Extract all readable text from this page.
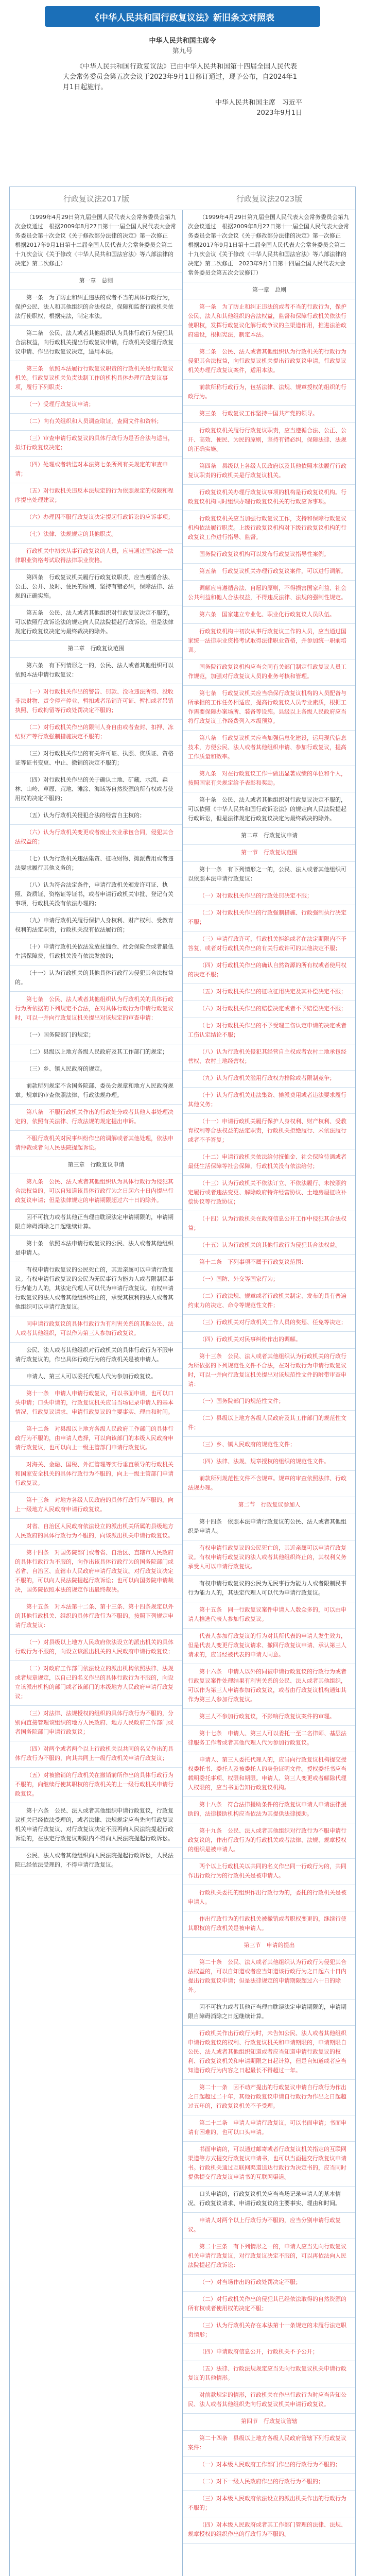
《中华人民共和国行政复议法》新旧条文对照表

中华人民共和国主席令

第九号

《中华人民共和国行政复议法》已由中华人民共和国第十四届全国人民代表大会常务委员会第五次会议于2023年9月1日修订通过，现予公布，自2024年1月1日起施行。

中华人民共和国主席　习近平

2023年9月1日

行政复议法2017版	行政复议法2023版
（1999年4月29日第九届全国人民代表大会常务委员会第九次会议通过　根据2009年8月27日第十一届全国人民代表大会常务委员会第十次会议《关于修改部分法律的决定》第一次修正　根据2017年9月1日第十二届全国人民代表大会常务委员会第二十九次会议《关于修改〈中华人民共和国法官法〉等八部法律的决定》第二次修正）
第一章　总则
第一条　为了防止和纠正违法的或者不当的具体行政行为，保护公民、法人和其他组织的合法权益，保障和监督行政机关依法行使职权，根据宪法，制定本法。
第二条　公民、法人或者其他组织认为具体行政行为侵犯其合法权益，向行政机关提出行政复议申请，行政机关受理行政复议申请、作出行政复议决定，适用本法。
第三条　依照本法履行行政复议职责的行政机关是行政复议机关。行政复议机关负责法制工作的机构具体办理行政复议事项，履行下列职责：
（一）受理行政复议申请；
（二）向有关组织和人员调查取证，查阅文件和资料；
（三）审查申请行政复议的具体行政行为是否合法与适当，拟订行政复议决定；
（四）处理或者转送对本法第七条所列有关规定的审查申请；
（五）对行政机关违反本法规定的行为依照规定的权限和程序提出处理建议；
（六）办理因不服行政复议决定提起行政诉讼的应诉事项；
（七）法律、法规规定的其他职责。
行政机关中初次从事行政复议的人员，应当通过国家统一法律职业资格考试取得法律职业资格。
第四条　行政复议机关履行行政复议职责，应当遵循合法、公正、公开、及时、便民的原则，坚持有错必纠，保障法律、法规的正确实施。
第五条　公民、法人或者其他组织对行政复议决定不服的，可以依照行政诉讼法的规定向人民法院提起行政诉讼，但是法律规定行政复议决定为最终裁决的除外。
第二章　行政复议范围
第六条　有下列情形之一的，公民、法人或者其他组织可以依照本法申请行政复议：
（一）对行政机关作出的警告、罚款、没收违法所得、没收非法财物、责令停产停业、暂扣或者吊销许可证、暂扣或者吊销执照、行政拘留等行政处罚决定不服的；
（二）对行政机关作出的限制人身自由或者查封、扣押、冻结财产等行政强制措施决定不服的；
（三）对行政机关作出的有关许可证、执照、资质证、资格证等证书变更、中止、撤销的决定不服的；
（四）对行政机关作出的关于确认土地、矿藏、水流、森林、山岭、草原、荒地、滩涂、海域等自然资源的所有权或者使用权的决定不服的；
（五）认为行政机关侵犯合法的经营自主权的；
（六）认为行政机关变更或者废止农业承包合同，侵犯其合法权益的；
（七）认为行政机关违法集资、征收财物、摊派费用或者违法要求履行其他义务的；
（八）认为符合法定条件，申请行政机关颁发许可证、执照、资质证、资格证等证书，或者申请行政机关审批、登记有关事项，行政机关没有依法办理的；
（九）申请行政机关履行保护人身权利、财产权利、受教育权利的法定职责，行政机关没有依法履行的；
（十）申请行政机关依法发放抚恤金、社会保险金或者最低生活保障费，行政机关没有依法发放的；
（十一）认为行政机关的其他具体行政行为侵犯其合法权益的。
第七条　公民、法人或者其他组织认为行政机关的具体行政行为所依据的下列规定不合法，在对具体行政行为申请行政复议时，可以一并向行政复议机关提出对该规定的审查申请：
（一）国务院部门的规定；
（二）县级以上地方各级人民政府及其工作部门的规定；
（三）乡、镇人民政府的规定。
前款所列规定不含国务院部、委员会规章和地方人民政府规章。规章的审查依照法律、行政法规办理。
第八条　不服行政机关作出的行政处分或者其他人事处理决定的，依照有关法律、行政法规的规定提出申诉。
不服行政机关对民事纠纷作出的调解或者其他处理，依法申请仲裁或者向人民法院提起诉讼。
第三章　行政复议申请
第九条　公民、法人或者其他组织认为具体行政行为侵犯其合法权益的，可以自知道该具体行政行为之日起六十日内提出行政复议申请；但是法律规定的申请期限超过六十日的除外。
因不可抗力或者其他正当理由耽误法定申请期限的，申请期限自障碍消除之日起继续计算。
第十条　依照本法申请行政复议的公民、法人或者其他组织是申请人。
有权申请行政复议的公民死亡的，其近亲属可以申请行政复议。有权申请行政复议的公民为无民事行为能力人或者限制民事行为能力人的，其法定代理人可以代为申请行政复议。有权申请行政复议的法人或者其他组织终止的，承受其权利的法人或者其他组织可以申请行政复议。
同申请行政复议的具体行政行为有利害关系的其他公民、法人或者其他组织，可以作为第三人参加行政复议。
公民、法人或者其他组织对行政机关的具体行政行为不服申请行政复议的，作出具体行政行为的行政机关是被申请人。
申请人、第三人可以委托代理人代为参加行政复议。
第十一条　申请人申请行政复议，可以书面申请，也可以口头申请；口头申请的，行政复议机关应当当场记录申请人的基本情况、行政复议请求、申请行政复议的主要事实、理由和时间。
第十二条　对县级以上地方各级人民政府工作部门的具体行政行为不服的，由申请人选择，可以向该部门的本级人民政府申请行政复议，也可以向上一级主管部门申请行政复议。
对海关、金融、国税、外汇管理等实行垂直领导的行政机关和国家安全机关的具体行政行为不服的，向上一级主管部门申请行政复议。
第十三条　对地方各级人民政府的具体行政行为不服的，向上一级地方人民政府申请行政复议。
对省、自治区人民政府依法设立的派出机关所属的县级地方人民政府的具体行政行为不服的，向该派出机关申请行政复议。
第十四条　对国务院部门或者省、自治区、直辖市人民政府的具体行政行为不服的，向作出该具体行政行为的国务院部门或者省、自治区、直辖市人民政府申请行政复议。对行政复议决定不服的，可以向人民法院提起行政诉讼；也可以向国务院申请裁决，国务院依照本法的规定作出最终裁决。
第十五条　对本法第十二条、第十三条、第十四条规定以外的其他行政机关、组织的具体行政行为不服的，按照下列规定申请行政复议：
（一）对县级以上地方人民政府依法设立的派出机关的具体行政行为不服的，向设立该派出机关的人民政府申请行政复议；
（二）对政府工作部门依法设立的派出机构依照法律、法规或者规章规定，以自己的名义作出的具体行政行为不服的，向设立该派出机构的部门或者该部门的本级地方人民政府申请行政复议；
（三）对法律、法规授权的组织的具体行政行为不服的，分别向直接管理该组织的地方人民政府、地方人民政府工作部门或者国务院部门申请行政复议；
（四）对两个或者两个以上行政机关以共同的名义作出的具体行政行为不服的，向其共同上一级行政机关申请行政复议；
（五）对被撤销的行政机关在撤销前所作出的具体行政行为不服的，向继续行使其职权的行政机关的上一级行政机关申请行政复议。
第十六条　公民、法人或者其他组织申请行政复议，行政复议机关已经依法受理的，或者法律、法规规定应当先向行政复议机关申请行政复议、对行政复议决定不服再向人民法院提起行政诉讼的，在法定行政复议期限内不得向人民法院提起行政诉讼。
公民、法人或者其他组织向人民法院提起行政诉讼，人民法院已经依法受理的，不得申请行政复议。
（1999年4月29日第九届全国人民代表大会常务委员会第九次会议通过　根据2009年8月27日第十一届全国人民代表大会常务委员会第十次会议《关于修改部分法律的决定》第一次修正　根据2017年9月1日第十二届全国人民代表大会常务委员会第二十九次会议《关于修改〈中华人民共和国法官法〉等八部法律的决定》第二次修正　2023年9月1日第十四届全国人民代表大会常务委员会第五次会议修订）
第一章　总则
第一条　为了防止和纠正违法的或者不当的行政行为，保护公民、法人和其他组织的合法权益，监督和保障行政机关依法行使职权，发挥行政复议化解行政争议的主渠道作用，推进法治政府建设，根据宪法，制定本法。
第二条　公民、法人或者其他组织认为行政机关的行政行为侵犯其合法权益，向行政复议机关提出行政复议申请，行政复议机关办理行政复议案件，适用本法。
前款所称行政行为，包括法律、法规、规章授权的组织的行政行为。
第三条　行政复议工作坚持中国共产党的领导。
行政复议机关履行行政复议职责，应当遵循合法、公正、公开、高效、便民、为民的原则，坚持有错必纠，保障法律、法规的正确实施。
第四条　县级以上各级人民政府以及其他依照本法履行行政复议职责的行政机关是行政复议机关。
行政复议机关办理行政复议事项的机构是行政复议机构。行政复议机构同时组织办理行政复议机关的行政应诉事项。
行政复议机关应当加强行政复议工作，支持和保障行政复议机构依法履行职责。上级行政复议机构对下级行政复议机构的行政复议工作进行指导、监督。
国务院行政复议机构可以发布行政复议指导性案例。
第五条　行政复议机关办理行政复议案件，可以进行调解。
调解应当遵循合法、自愿的原则，不得损害国家利益、社会公共利益和他人合法权益，不得违反法律、法规的强制性规定。
第六条　国家建立专业化、职业化行政复议人员队伍。
行政复议机构中初次从事行政复议工作的人员，应当通过国家统一法律职业资格考试取得法律职业资格，并参加统一职前培训。
国务院行政复议机构应当会同有关部门制定行政复议人员工作规范，加强对行政复议人员的业务考核和管理。
第七条　行政复议机关应当确保行政复议机构的人员配备与所承担的工作任务相适应，提高行政复议人员专业素质，根据工作需要保障办案场所、装备等设施。县级以上各级人民政府应当将行政复议工作经费列入本级预算。
第八条　行政复议机关应当加强信息化建设，运用现代信息技术，方便公民、法人或者其他组织申请、参加行政复议，提高工作质量和效率。
第九条　对在行政复议工作中做出显著成绩的单位和个人，按照国家有关规定给予表彰和奖励。
第十条　公民、法人或者其他组织对行政复议决定不服的，可以依照《中华人民共和国行政诉讼法》的规定向人民法院提起行政诉讼，但是法律规定行政复议决定为最终裁决的除外。
第二章　行政复议申请
第一节　行政复议范围
第十一条　有下列情形之一的，公民、法人或者其他组织可以依照本法申请行政复议：
（一）对行政机关作出的行政处罚决定不服；
（二）对行政机关作出的行政强制措施、行政强制执行决定不服；
（三）申请行政许可，行政机关拒绝或者在法定期限内不予答复，或者对行政机关作出的有关行政许可的其他决定不服；
（四）对行政机关作出的确认自然资源的所有权或者使用权的决定不服；
（五）对行政机关作出的征收征用决定及其补偿决定不服；
（六）对行政机关作出的赔偿决定或者不予赔偿决定不服；
（七）对行政机关作出的不予受理工伤认定申请的决定或者工伤认定结论不服；
（八）认为行政机关侵犯其经营自主权或者农村土地承包经营权、农村土地经营权；
（九）认为行政机关滥用行政权力排除或者限制竞争；
（十）认为行政机关违法集资、摊派费用或者违法要求履行其他义务；
（十一）申请行政机关履行保护人身权利、财产权利、受教育权利等合法权益的法定职责，行政机关拒绝履行、未依法履行或者不予答复；
（十二）申请行政机关依法给付抚恤金、社会保险待遇或者最低生活保障等社会保障，行政机关没有依法给付；
（十三）认为行政机关不依法订立、不依法履行、未按照约定履行或者违法变更、解除政府特许经营协议、土地房屋征收补偿协议等行政协议；
（十四）认为行政机关在政府信息公开工作中侵犯其合法权益；
（十五）认为行政机关的其他行政行为侵犯其合法权益。
第十二条　下列事项不属于行政复议范围：
（一）国防、外交等国家行为；
（二）行政法规、规章或者行政机关制定、发布的具有普遍约束力的决定、命令等规范性文件；
（三）行政机关对行政机关工作人员的奖惩、任免等决定；
（四）行政机关对民事纠纷作出的调解。
第十三条　公民、法人或者其他组织认为行政机关的行政行为所依据的下列规范性文件不合法，在对行政行为申请行政复议时，可以一并向行政复议机关提出对该规范性文件的附带审查申请：
（一）国务院部门的规范性文件；
（二）县级以上地方各级人民政府及其工作部门的规范性文件；
（三）乡、镇人民政府的规范性文件；
（四）法律、法规、规章授权的组织的规范性文件。
前款所列规范性文件不含规章。规章的审查依照法律、行政法规办理。
第二节　行政复议参加人
第十四条　依照本法申请行政复议的公民、法人或者其他组织是申请人。
有权申请行政复议的公民死亡的，其近亲属可以申请行政复议。有权申请行政复议的法人或者其他组织终止的，其权利义务承受人可以申请行政复议。
有权申请行政复议的公民为无民事行为能力人或者限制民事行为能力人的，其法定代理人可以代为申请行政复议。
第十五条　同一行政复议案件申请人人数众多的，可以由申请人推选代表人参加行政复议。
代表人参加行政复议的行为对其所代表的申请人发生效力，但是代表人变更行政复议请求、撤回行政复议申请、承认第三人请求的，应当经被代表的申请人同意。
第十六条　申请人以外的同被申请行政复议的行政行为或者行政复议案件处理结果有利害关系的公民、法人或者其他组织，可以作为第三人申请参加行政复议，或者由行政复议机构通知其作为第三人参加行政复议。
第三人不参加行政复议，不影响行政复议案件的审理。
第十七条　申请人、第三人可以委托一至二名律师、基层法律服务工作者或者其他代理人代为参加行政复议。
申请人、第三人委托代理人的，应当向行政复议机构提交授权委托书、委托人及被委托人的身份证明文件。授权委托书应当载明委托事项、权限和期限。申请人、第三人变更或者解除代理人权限的，应当书面告知行政复议机构。
第十八条　符合法律援助条件的行政复议申请人申请法律援助的，法律援助机构应当依法为其提供法律援助。
第十九条　公民、法人或者其他组织对行政行为不服申请行政复议的，作出行政行为的行政机关或者法律、法规、规章授权的组织是被申请人。
两个以上行政机关以共同的名义作出同一行政行为的，共同作出行政行为的行政机关是被申请人。
行政机关委托的组织作出行政行为的，委托的行政机关是被申请人。
作出行政行为的行政机关被撤销或者职权变更的，继续行使其职权的行政机关是被申请人。
第三节　申请的提出
第二十条　公民、法人或者其他组织认为行政行为侵犯其合法权益的，可以自知道或者应当知道该行政行为之日起六十日内提出行政复议申请；但是法律规定的申请期限超过六十日的除外。
因不可抗力或者其他正当理由耽误法定申请期限的，申请期限自障碍消除之日起继续计算。
行政机关作出行政行为时，未告知公民、法人或者其他组织申请行政复议的权利、行政复议机关和申请期限的，申请期限自公民、法人或者其他组织知道或者应当知道申请行政复议的权利、行政复议机关和申请期限之日起计算，但是自知道或者应当知道行政行为内容之日起最长不得超过一年。
第二十一条　因不动产提出的行政复议申请自行政行为作出之日起超过二十年，其他行政复议申请自行政行为作出之日起超过五年的，行政复议机关不予受理。
第二十二条　申请人申请行政复议，可以书面申请；书面申请有困难的，也可以口头申请。
书面申请的，可以通过邮寄或者行政复议机关指定的互联网渠道等方式提交行政复议申请书，也可以当面提交行政复议申请书。行政机关通过互联网渠道送达行政行为决定书的，应当同时提供提交行政复议申请书的互联网渠道。
口头申请的，行政复议机关应当当场记录申请人的基本情况、行政复议请求、申请行政复议的主要事实、理由和时间。
申请人对两个以上行政行为不服的，应当分别申请行政复议。
第二十三条　有下列情形之一的，申请人应当先向行政复议机关申请行政复议，对行政复议决定不服的，可以再依法向人民法院提起行政诉讼：
（一）对当场作出的行政处罚决定不服；
（二）对行政机关作出的侵犯其已经依法取得的自然资源的所有权或者使用权的决定不服；
（三）认为行政机关存在本法第十一条规定的未履行法定职责情形；
（四）申请政府信息公开，行政机关不予公开；
（五）法律、行政法规规定应当先向行政复议机关申请行政复议的其他情形。
对前款规定的情形，行政机关在作出行政行为时应当告知公民、法人或者其他组织先向行政复议机关申请行政复议。
第四节　行政复议管辖
第二十四条　县级以上地方各级人民政府管辖下列行政复议案件：
（一）对本级人民政府工作部门作出的行政行为不服的；
（二）对下一级人民政府作出的行政行为不服的；
（三）对本级人民政府依法设立的派出机关作出的行政行为不服的；
（四）对本级人民政府或者其工作部门管理的法律、法规、规章授权的组织作出的行政行为不服的。
